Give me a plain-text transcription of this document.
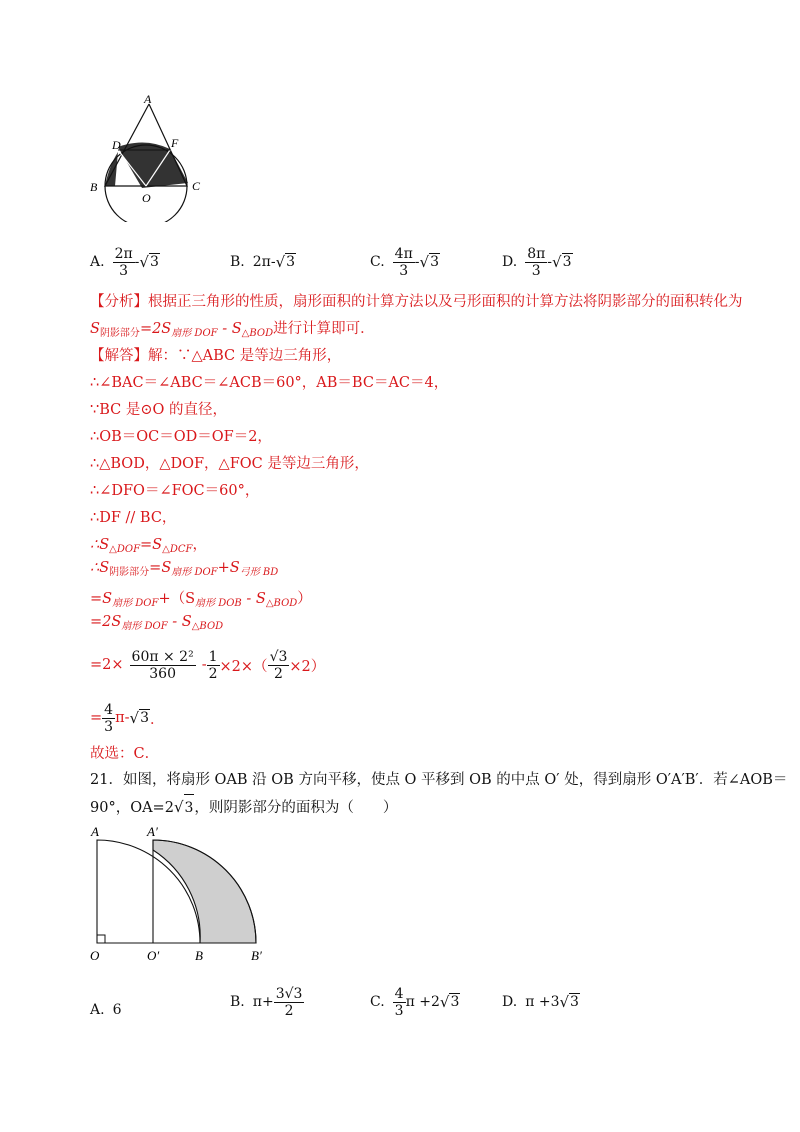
A
D	F
B	C
O
A. $\frac{2\pi}{3}$ - √ 3	B. 2π - √ 3	C. $\frac{4\pi}{3}$ - √ 3	D. $\frac{8\pi}{3}$ - √ 3
【分析】根据正三角形的性质，扇形面积的计算方法以及弓形面积的计算方法将阴影部分的面积转化为
$S_{阴影部分}=2S_{扇形 DOF} - S_{\triangle BOD}$进行计算即可．
【解答】解：∵△ABC 是等边三角形，
∴∠BAC＝∠ABC＝∠ACB＝60°，AB＝BC＝AC＝4，
∵BC 是⊙O 的直径，
∴OB＝OC＝OD＝OF＝2，
∴△BOD，△DOF，△FOC 是等边三角形，
∴∠DFO＝∠FOC＝60°，
∴DF // BC，
$\therefore S_{\triangle DOF}=S_{\triangle DCF}$，
$\therefore S_{阴影部分}=S_{扇形 DOF}+S_{弓形 BD}$
$=S_{扇形 DOF}+(S_{扇形 DOB} - S_{\triangle BOD})$
$=2S_{扇形 DOF} - S_{\triangle BOD}$
$=2\times \frac{\text{60π × 2²}}{360} - \frac{1}{2} \times 2\times( \frac{√3}{2} \times 2)$
= $\frac{4}{3}$ π - √ 3 ．
故选：C．
21．如图，将扇形 OAB 沿 OB 方向平移，使点 O 平移到 OB 的中点 O′ 处，得到扇形 O′A′B′．若∠AOB＝
90°， OA=2 √ 3 ，则阴影部分的面积为（　　）
A	A′
O	O′	B	B′
A. 6	B. $\pi+ \frac{3√3}{2}$	C. $\frac{4}{3}$ π +2 √ 3	D. π +3 √ 3
